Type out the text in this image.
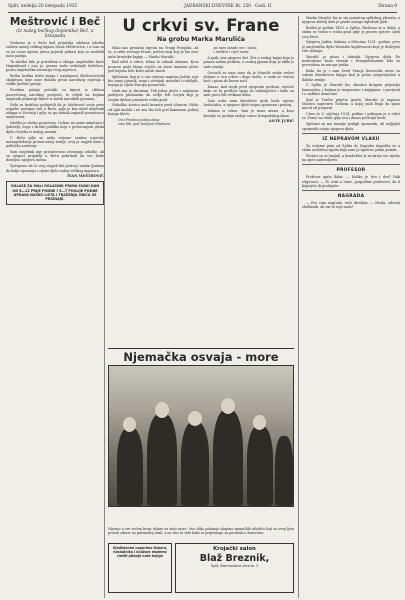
Split, nedelja 20 listopada 1935	JADRANSKI DNEVNIK Br. 250 · Godi. II	Strana 9
Meštrović i Beč
(Iz našeg bečkog dopisnika) Beč, u listopadu

Nedavno je u Beču kod prijatelja održana izložba radova našeg velikog kipara Ivana Meštrovića, i o tom su se na ovom mjestu jutros pojavili prikazi koji su zaslužili našu pažnju.

Ta izložba bila je priređena u sklopu umjetničke kuće Hagenbund i ona je, prema sudu ovdašnjih kritičara, prava umjetnička senzacija ovog mjeseca.

Bečka kritika ističe snagu i izražajnost Meštrovićevih skulptura, koje nose duboki pečat narodnog osjećaja i velike ljudske patnje.

Posebnu pažnju privukli su kipovi iz ciklusa posvećenog narodnoj povijesti, te reljefi na kojima umjetnik prikazuje likove iz naših narodnih pjesama.

Neki su kritičari podsjetili da je Meštrović svoje prve uspjehe postigao baš u Beču, gdje je kao mlad umjetnik izlagao u Secesiji i gdje su ga odmah zapazili poznavaoci umjetnosti.

Izložba je obilno posjećena. Dolaze ne samo umjetnici i ljubitelji, nego i široka publika koja s poštovanjem gleda djela čovjeka iz malog naroda.

U Beču gdje se neko vrijeme snažno osjećalo neraspoloženje prema našoj zemlji, ovaj je uspjeh imao i političko značenje.

Sam umjetnik nije prisustvovao otvaranju izložbe, ali su njegovi prijatelji u Beču pobrinuli da sve bude dostojno njegova imena.

Vjerujemo da će ovaj uspjeh biti poticaj i našim ljudima da bolje upoznaju i cijene djelo našeg velikog majstora.

IVAN MEŠTROVIĆ
OGLASE ZA MALI OGLASNIK PRIMA SVAKI DAN OD 8—12 PRIJE PODNE I 3—7 POSLIJE PODNE UPRAVA NAŠEG LISTA I TRAŽENJA OBIČA SE PRIZNAJE.
U crkvi sv. Frane
Na grobu Marka Marulića

Malo nas prošasta mjesta na Vranji Prosjeku, ali tu, u crkvi svetoga Frane, počiva onaj koji je bio otac naše hrvatske knjige — Marko Marulić.

Kad uđeš u crkvu, tišina te odmah obuzme. Kroz prozore pada blago svjetlo na stare kamene ploče pod kojima leže kosti naših starih.

Splićanin, koji je u ono vrijeme napisao Juditu, nije bio samo pjesnik, nego i učenjak, moralist i rodoljub, kojega je cijela Europa poznavala.

Grob mu je skroman. Tek jedna ploča s natpisom podsjeća prolaznika da ovdje leži čovjek koji je svojim djelom proslavio rodni grad.

Nekoliko starica moli krunicu pred oltarom. Nitko od njih možda i ne zna tko leži pod kamenom pokraj kojega kleče.

Ovo Prosinca jedna dana
smo bili, pod zemljom hladnom,
pa nam ostade mir i slava,
i molitva i riječ sveta.

A ipak, ime njegovo živi. Živi u svakoj knjizi koja je pisana našim jezikom, u svakoj pjesmi koja je nikla iz naše zemlje.

Govorili su nam stari da je Marulić svake večeri dolazio u ovu crkvu i dugo molio, a onda se vraćao kući i pisao do kasne noći.

Danas, kad stojiš pred njegovim grobom, osjećaš kako se ta prošlost spaja sa sadašnjošću i kako su naši preci bili velikani duha.

Zato neka nam Marulićev grob bude mjesto hodočašća, a njegovo djelo trajna opomena i poticaj.

Izlazim iz crkve. Vani je more mirno, a kroz krošnje se probija zadnje sunce listopadskog dana.

ANTE JURIĆ
Njemačka osvaja - more

Nijemci u sve većem broju dolaze na naše more. Ova slika pokazuje skupinu njemačkih mladića koji su ovog ljeta proveli odmor na jadranskoj obali, a na slici se vide kako se pripremaju za povratak u domovinu.

Ujedinjenim naporima tiskara, nakladnika i knjižara možemo rješiti pitanje naše knjige
Krojački salon
Blaž Breznik,
Split, Marmontova ulica br. 5

Marko Marulić bio je sin poznatog splitskog plemića, a njegova obitelj dala je gradu mnogo uglednih ljudi.

Rođen je godine 1450. u Splitu, školovao se u Italiji, a zatim se vratio u rodni grad gdje je proveo gotovo cijeli svoj život.

Njegova Judita, tiskana u Mlecima 1521. godine, prvo je umjetničko djelo hrvatske književnosti koje je doživjelo više izdanja.

Marulić je pisao i latinski. Njegova djela De institutione bene vivendi i Evangelistarium bila su prevedena na mnoge jezike.

Kažu da je i sam Sveti Franjo Ksaverski nosio sa sobom Marulićevu knjigu kad je pošao propovijedati u daleke zemlje.

U Splitu je Marulić bio okružen krugom prijatelja humanista, s kojima je razgovarao o knjigama, o povijesti i o sudbini domovine.

Kad je Turčin prijetio gradu, Marulić je napisao Molitvu suprotiva Turkom, u kojoj moli Boga da spasi narod od propasti.

Umro je 5. siječnja 1524. godine i pokopan je u crkvi sv. Frane na obali, gdje mu i danas počivaju kosti.

Splićani su mu kasnije podigli spomenik, ali najljepši spomenik ostaju njegova djela.

IZ NEPRAVOM VLAKU

Za vrijeme puta od Splita do Zagreba dogodila se u vlaku neobična zgoda koju nam je ispričao jedan putnik.

Putnici su se smijali, a kondukter je na kraju sve riješio na opće zadovoljstvo.

PROFESOR

Profesor upita đaka: — Koliko je dva i dva? Đak odgovara: — To ovisi o tome, gospodine profesore, da li kupujete ili prodajete.

NAGRADA

— Evo vam nagrada, reče direktor. — Hvala, odvrati službenik, ali zar to nije malo?
